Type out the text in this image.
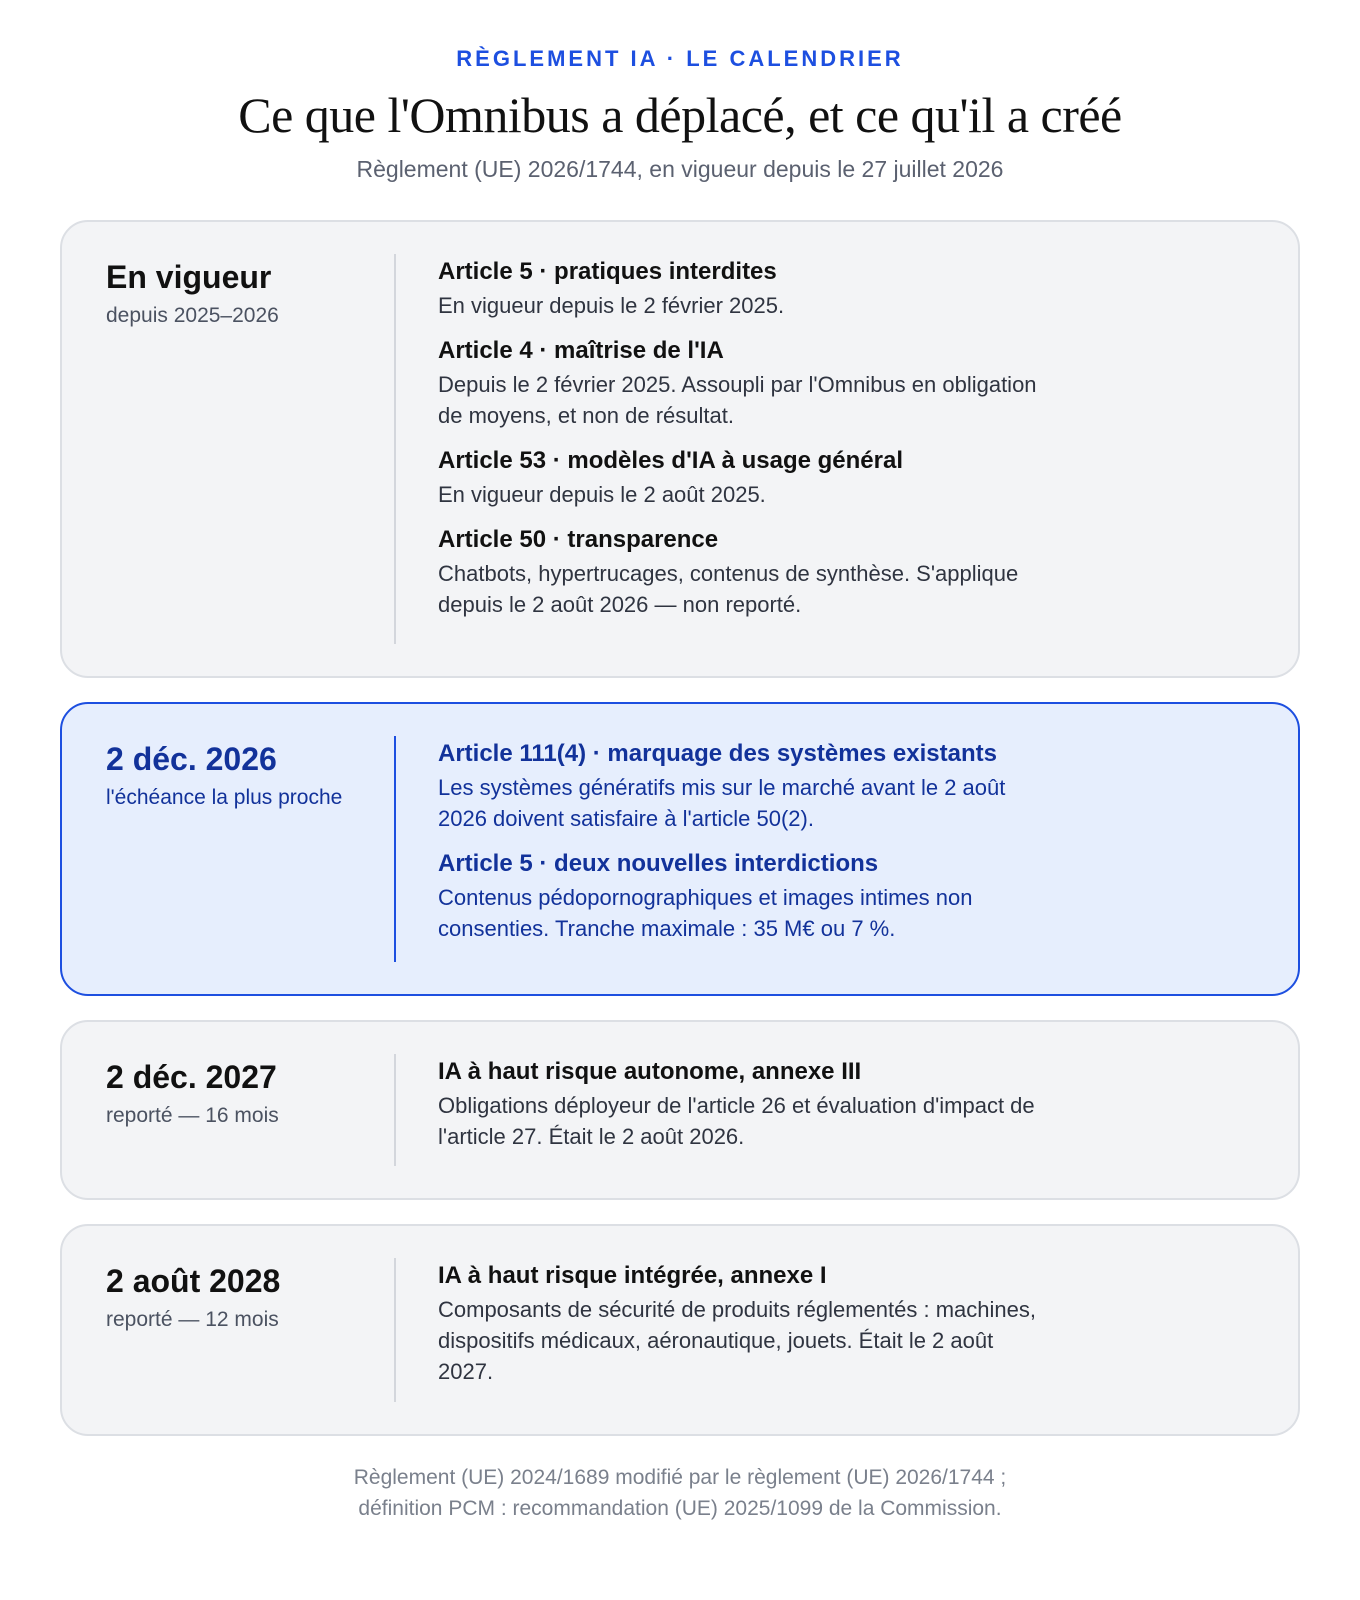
RÈGLEMENT IA · LE CALENDRIER
Ce que l'Omnibus a déplacé, et ce qu'il a créé
Règlement (UE) 2026/1744, en vigueur depuis le 27 juillet 2026
En vigueur
depuis 2025–2026
Article 5 · pratiques interdites
En vigueur depuis le 2 février 2025.
Article 4 · maîtrise de l'IA
Depuis le 2 février 2025. Assoupli par l'Omnibus en obligation de moyens, et non de résultat.
Article 53 · modèles d'IA à usage général
En vigueur depuis le 2 août 2025.
Article 50 · transparence
Chatbots, hypertrucages, contenus de synthèse. S'applique depuis le 2 août 2026 — non reporté.
2 déc. 2026
l'échéance la plus proche
Article 111(4) · marquage des systèmes existants
Les systèmes génératifs mis sur le marché avant le 2 août 2026 doivent satisfaire à l'article 50(2).
Article 5 · deux nouvelles interdictions
Contenus pédopornographiques et images intimes non consenties. Tranche maximale : 35 M€ ou 7 %.
2 déc. 2027
reporté — 16 mois
IA à haut risque autonome, annexe III
Obligations déployeur de l'article 26 et évaluation d'impact de l'article 27. Était le 2 août 2026.
2 août 2028
reporté — 12 mois
IA à haut risque intégrée, annexe I
Composants de sécurité de produits réglementés : machines, dispositifs médicaux, aéronautique, jouets. Était le 2 août 2027.
Règlement (UE) 2024/1689 modifié par le règlement (UE) 2026/1744 ;
définition PCM : recommandation (UE) 2025/1099 de la Commission.
